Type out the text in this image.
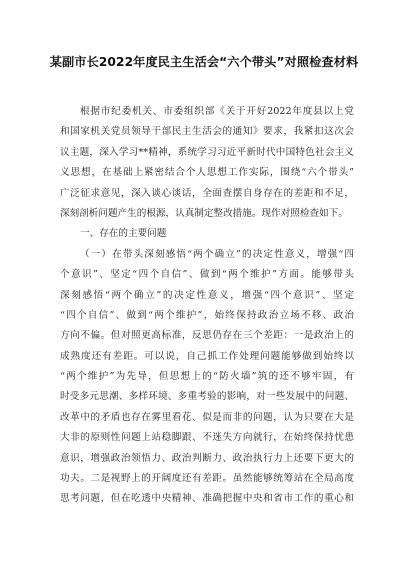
某副市长2022年度民主生活会“六个带头”对照检查材料
根据市纪委机关、市委组织部《关于开好2022年度县以上党
和国家机关党员领导干部民主生活会的通知》要求，我紧扣这次会
议主题，深入学习**精神，系统学习习近平新时代中国特色社会主义
义思想，在基础上紧密结合个人思想工作实际，围绕“六个带头”
广泛征求意见，深入谈心谈话，全面查摆自身存在的差距和不足，
深刻剖析问题产生的根源，认真制定整改措施。现作对照检查如下。
一、存在的主要问题
（一）在带头深刻感悟“两个确立”的决定性意义，增强“四
个意识”、坚定“四个自信”、做到“两个维护”方面。能够带头
深刻感悟“两个确立”的决定性意义，增强“四个意识”、坚定
“四个自信”、做到“两个维护”，始终保持政治立场不移、政治
方向不偏。但对照更高标准，反思仍存在三个差距：一是政治上的
成熟度还有差距。可以说，自己抓工作处理问题能够做到始终以
“两个维护”为先导，但思想上的“防火墙”筑的还不够牢固，有
时受多元思潮、多样环境、多重考验的影响，对一些发展中的问题、
改革中的矛盾也存在雾里看花、似是而非的问题，认为只要在大是
大非的原则性问题上站稳脚跟、不迷失方向就行，在始终保持忧患
意识，增强政治领悟力、政治判断力、政治执行力上还要下更大的
功夫。二是视野上的开阔度还有差距。虽然能够统筹站在全局高度
思考问题，但在吃透中央精神、准确把握中央和省市工作的重心和
